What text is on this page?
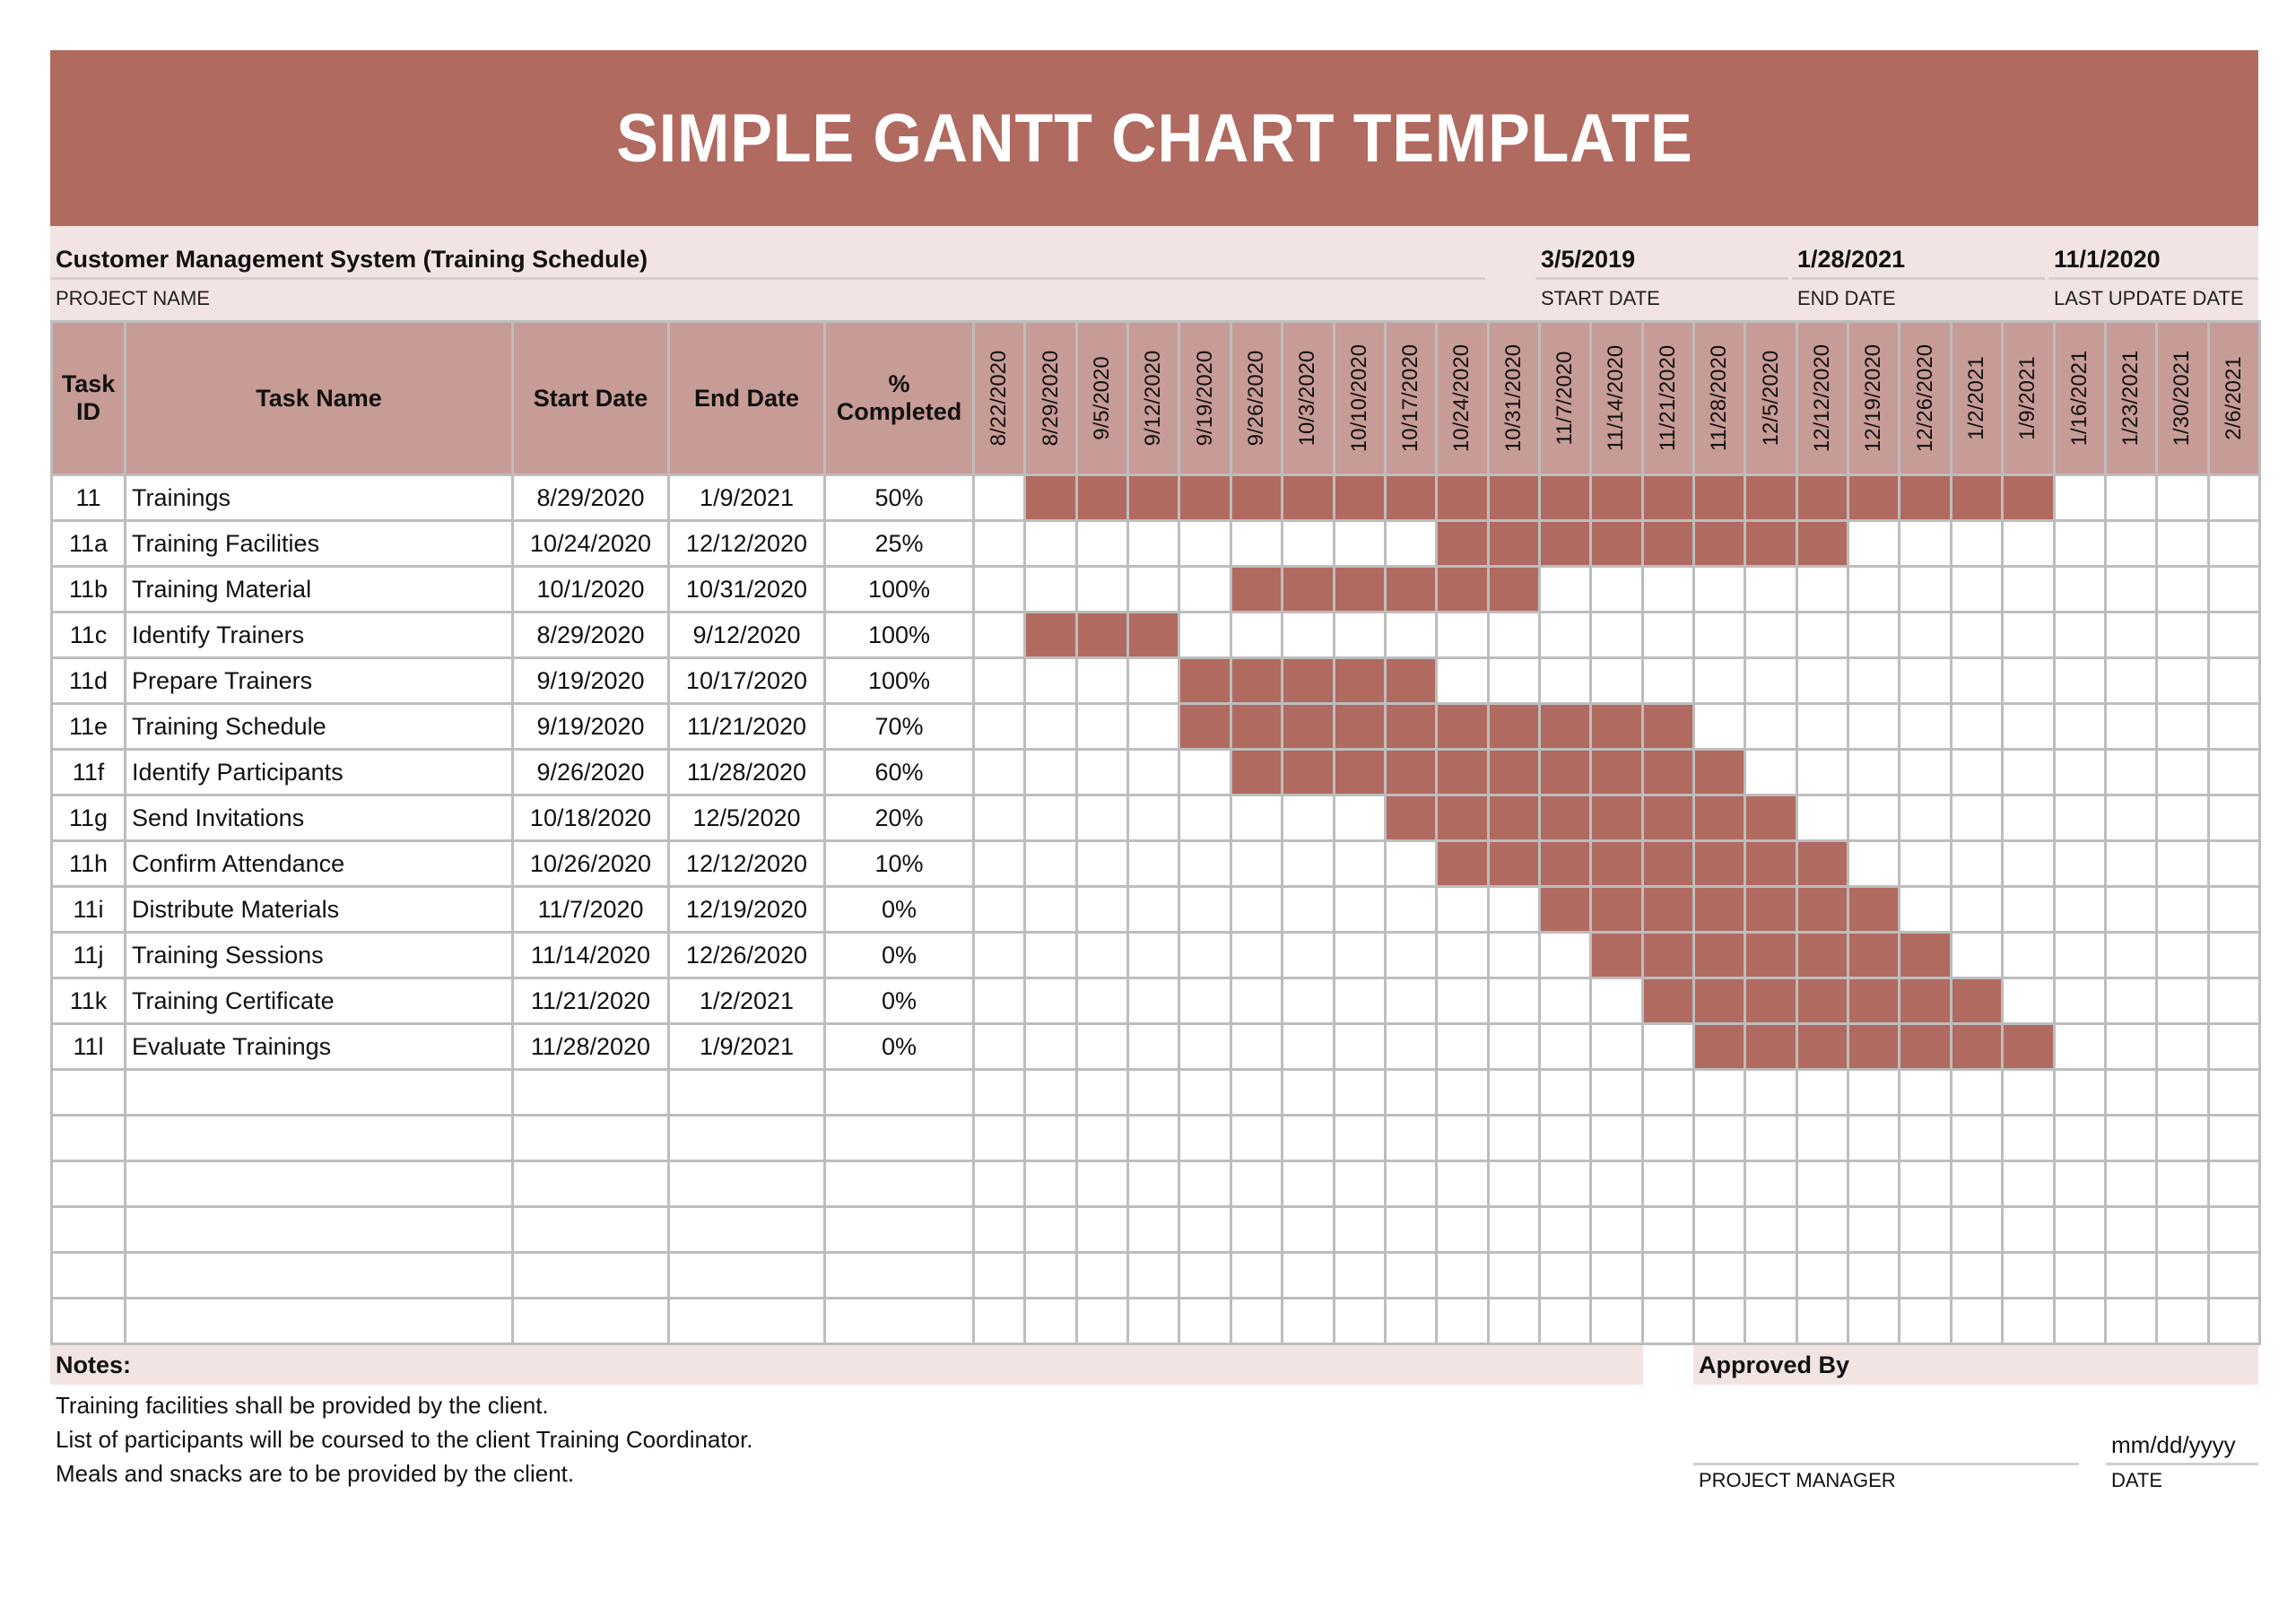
SIMPLE GANTT CHART TEMPLATE
Customer Management System (Training Schedule)
PROJECT NAME
3/5/2019
START DATE
1/28/2021
END DATE
11/1/2020
LAST UPDATE DATE
Task ID	Task Name	Start Date	End Date	% Completed	8/22/2020	8/29/2020	9/5/2020	9/12/2020	9/19/2020	9/26/2020	10/3/2020	10/10/2020	10/17/2020	10/24/2020	10/31/2020	11/7/2020	11/14/2020	11/21/2020	11/28/2020	12/5/2020	12/12/2020	12/19/2020	12/26/2020	1/2/2021	1/9/2021	1/16/2021	1/23/2021	1/30/2021	2/6/2021

11	Trainings	8/29/2020	1/9/2021	50%																									
11a	Training Facilities	10/24/2020	12/12/2020	25%																									
11b	Training Material	10/1/2020	10/31/2020	100%																									
11c	Identify Trainers	8/29/2020	9/12/2020	100%																									
11d	Prepare Trainers	9/19/2020	10/17/2020	100%																									
11e	Training Schedule	9/19/2020	11/21/2020	70%																									
11f	Identify Participants	9/26/2020	11/28/2020	60%																									
11g	Send Invitations	10/18/2020	12/5/2020	20%																									
11h	Confirm Attendance	10/26/2020	12/12/2020	10%																									
11i	Distribute Materials	11/7/2020	12/19/2020	0%																									
11j	Training Sessions	11/14/2020	12/26/2020	0%																									
11k	Training Certificate	11/21/2020	1/2/2021	0%																									
11l	Evaluate Trainings	11/28/2020	1/9/2021	0%																									

Notes:
Training facilities shall be provided by the client.
List of participants will be coursed to the client Training Coordinator.
Meals and snacks are to be provided by the client.
Approved By
PROJECT MANAGER
mm/dd/yyyy
DATE
